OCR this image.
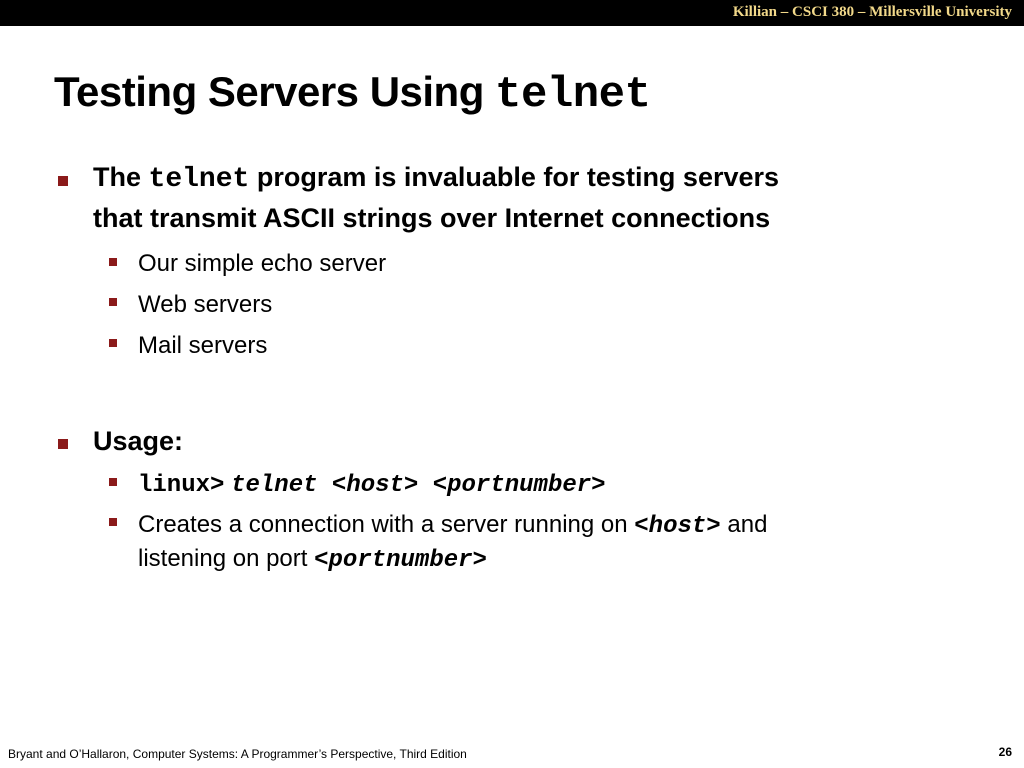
Killian – CSCI 380 – Millersville University
Testing Servers Using telnet
The telnet program is invaluable for testing servers
that transmit ASCII strings over Internet connections
Our simple echo server
Web servers
Mail servers
Usage:
linux> telnet <host> <portnumber>
Creates a connection with a server running on <host> and
listening on port <portnumber>
Bryant and O’Hallaron, Computer Systems: A Programmer’s Perspective, Third Edition	26
